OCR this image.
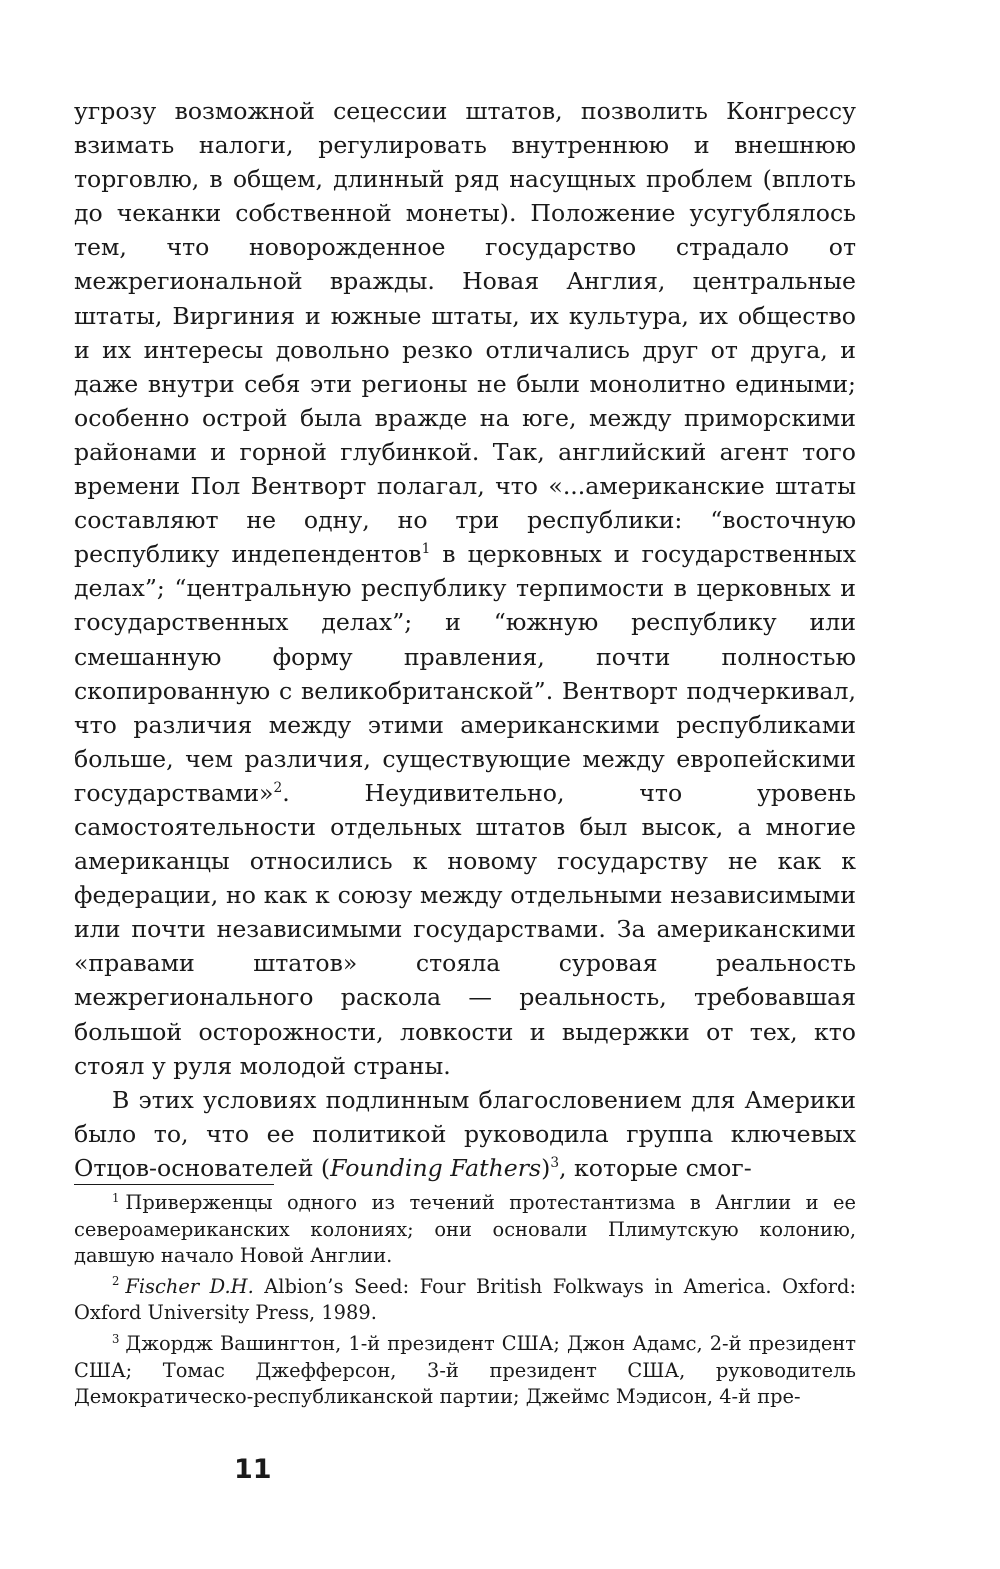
угрозу возможной сецессии штатов, позволить Конгрессу взимать налоги, регулировать внутреннюю и внешнюю торговлю, в общем, длинный ряд насущных проблем (вплоть до чеканки собственной монеты). Положение усугублялось тем, что новорожденное государство страдало от межрегиональной вражды. Новая Англия, центральные штаты, Виргиния и южные штаты, их культура, их общество и их интересы довольно резко отличались друг от друга, и даже внутри себя эти регионы не были монолитно едиными; особенно острой была вражде на юге, между приморскими районами и горной глубинкой. Так, английский агент того времени Пол Вентворт полагал, что «...американские штаты составляют не одну, но три республики: “восточную республику индепендентов$^1$ в церковных и государственных делах”; “центральную республику терпимости в церковных и государственных делах”; и “южную республику или смешанную форму правления, почти полностью скопированную с великобританской”. Вентворт подчеркивал, что различия между этими американскими республиками больше, чем различия, существующие между европейскими государствами»$^2$. Неудивительно, что уровень самостоятельности отдельных штатов был высок, а многие американцы относились к новому государству не как к федерации, но как к союзу между отдельными независимыми или почти независимыми государствами. За американскими «правами штатов» стояла суровая реальность межрегионального раскола — реальность, требовавшая большой осторожности, ловкости и выдержки от тех, кто стоял у руля молодой страны.

В этих условиях подлинным благословением для Америки было то, что ее политикой руководила группа ключевых Отцов-основателей (Founding Fathers)$^3$, которые смог-

$^1$ Приверженцы одного из течений протестантизма в Англии и ее североамериканских колониях; они основали Плимутскую колонию, давшую начало Новой Англии.

$^2$ Fischer D.H. Albion’s Seed: Four British Folkways in America. Oxford: Oxford University Press, 1989.

$^3$ Джордж Вашингтон, 1-й президент США; Джон Адамс, 2-й президент США; Томас Джефферсон, 3-й президент США, руководитель Демократическо-республиканской партии; Джеймс Мэдисон, 4-й пре-

11
